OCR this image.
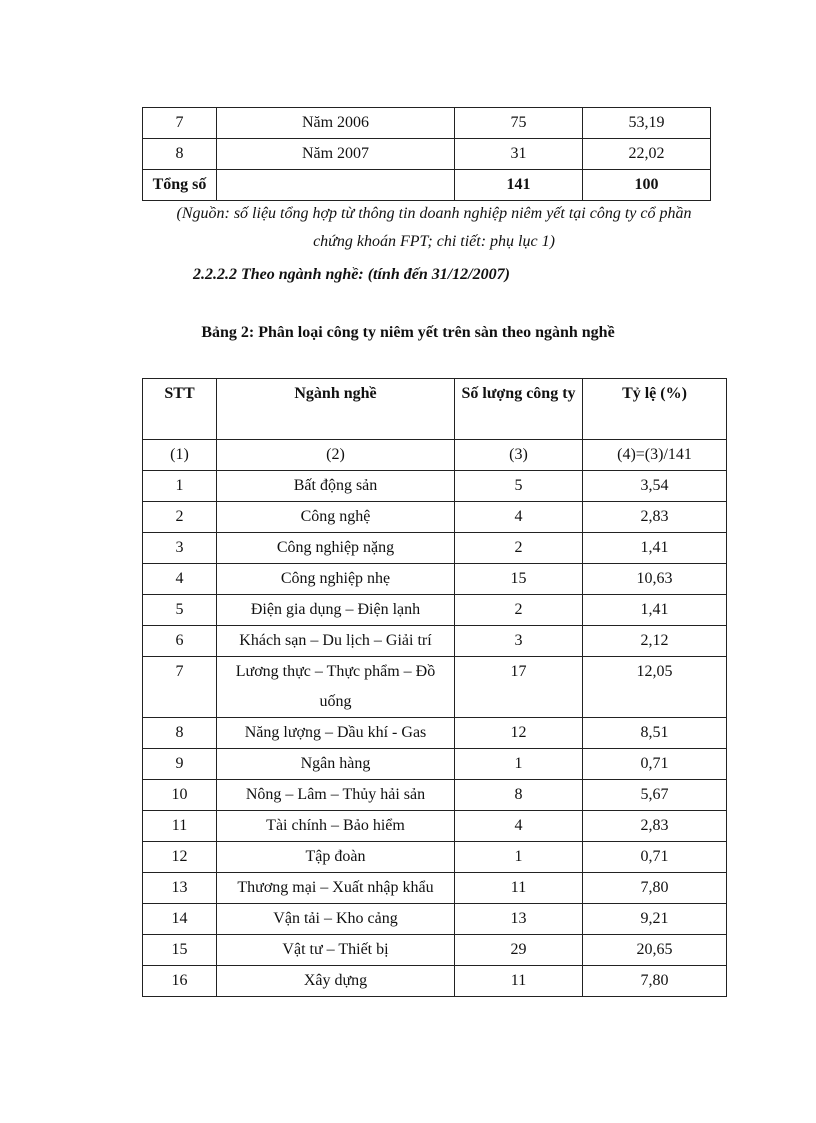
7	Năm 2006	75	53,19
8	Năm 2007	31	22,02
Tổng số		141	100
(Nguồn: số liệu tổng hợp từ thông tin doanh nghiệp niêm yết tại công ty cổ phần
chứng khoán FPT; chi tiết: phụ lục 1)
2.2.2.2 Theo ngành nghề: (tính đến 31/12/2007)
Bảng 2: Phân loại công ty niêm yết trên sàn theo ngành nghề
STT	Ngành nghề	Số lượng công ty	Tỷ lệ (%)
(1)	(2)	(3)	(4)=(3)/141
1	Bất động sản	5	3,54
2	Công nghệ	4	2,83
3	Công nghiệp nặng	2	1,41
4	Công nghiệp nhẹ	15	10,63
5	Điện gia dụng – Điện lạnh	2	1,41
6	Khách sạn – Du lịch – Giải trí	3	2,12
7	Lương thực – Thực phẩm – Đồ uống	17	12,05
8	Năng lượng – Dầu khí - Gas	12	8,51
9	Ngân hàng	1	0,71
10	Nông – Lâm – Thủy hải sản	8	5,67
11	Tài chính – Bảo hiểm	4	2,83
12	Tập đoàn	1	0,71
13	Thương mại – Xuất nhập khẩu	11	7,80
14	Vận tải – Kho cảng	13	9,21
15	Vật tư – Thiết bị	29	20,65
16	Xây dựng	11	7,80
